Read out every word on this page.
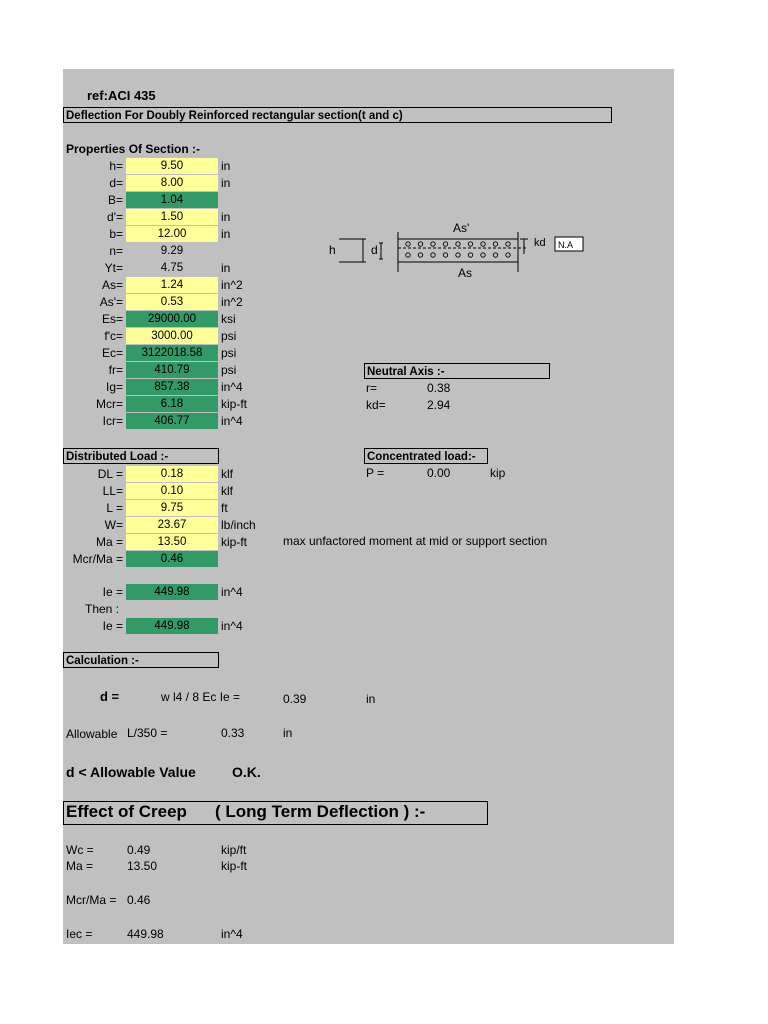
ref:ACI 435
Deflection For Doubly Reinforced rectangular section(t and c)
Properties Of Section :-
h=	9.50	in
d=	8.00	in
B=	1.04
d'=	1.50	in
b=	12.00	in
n=	9.29
Yt=	4.75	in
As=	1.24	in^2
As'=	0.53	in^2
Es=	29000.00	ksi
f'c=	3000.00	psi
Ec=	3122018.58	psi
fr=	410.79	psi
Ig=	857.38	in^4
Mcr=	6.18	kip-ft
Icr=	406.77	in^4
h	d
As'
As
kd N.A
Neutral Axis :-
r=	0.38
kd=	2.94
Distributed Load :-
DL =	0.18	klf
LL=	0.10	klf
L =	9.75	ft
W=	23.67	lb/inch
Ma =	13.50	kip-ft
Mcr/Ma =	0.46
max unfactored moment at mid or support section
Concentrated load:-
P =	0.00	kip
Ie =	449.98	in^4
Then :
Ie =	449.98	in^4
Calculation :-
d =	w l4 / 8 Ec Ie =	0.39	in
Allowable L/350 =	0.33	in
d < Allowable Value	O.K.
Effect of Creep ( Long Term Deflection ) :-
Wc =	0.49	kip/ft
Ma =	13.50	kip-ft
Mcr/Ma = 0.46
Iec =	449.98	in^4
